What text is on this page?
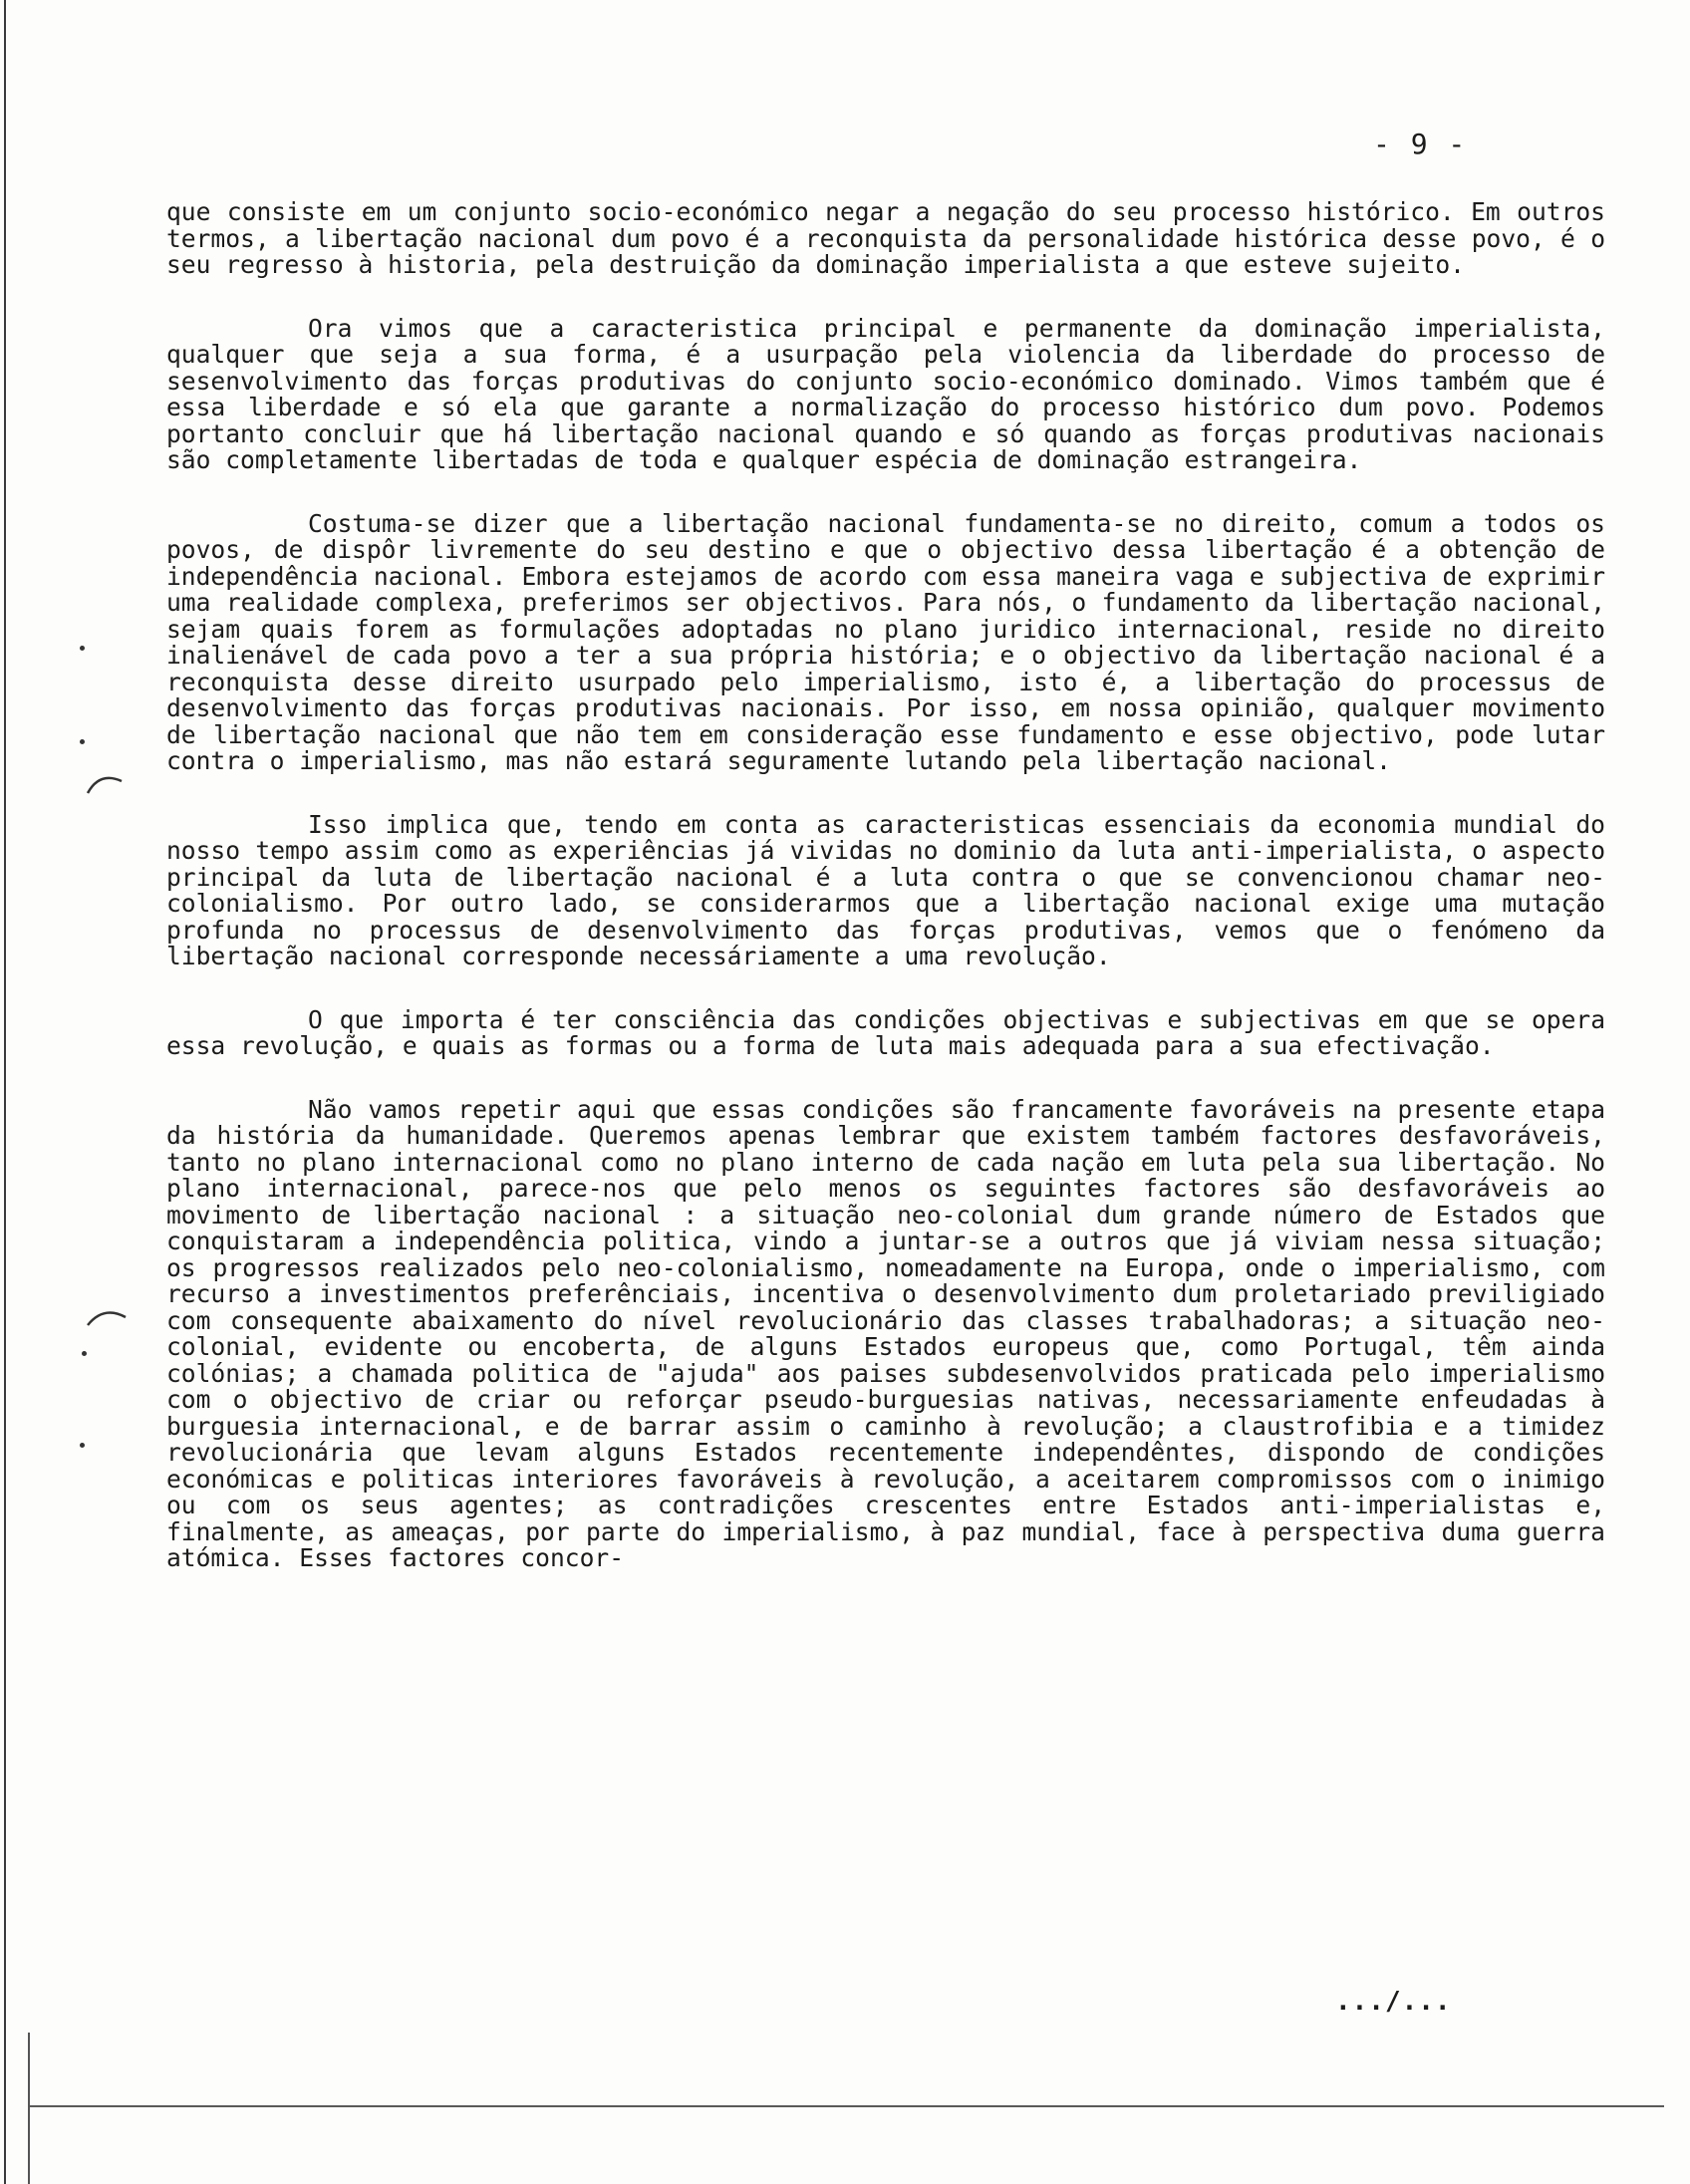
- 9 -

que consiste em um conjunto socio-económico negar a negação do seu processo histórico. Em outros termos, a libertação nacional dum povo é a reconquista da personalidade histórica desse povo, é o seu regresso à historia, pela destruição da dominação imperialista a que esteve sujeito.

Ora vimos que a caracteristica principal e permanente da dominação imperialista, qualquer que seja a sua forma, é a usurpação pela violencia da liberdade do processo de sesenvolvimento das forças produtivas do conjunto socio-económico dominado. Vimos também que é essa liberdade e só ela que garante a normalização do processo histórico dum povo. Podemos portanto concluir que há libertação nacional quando e só quando as forças produtivas nacionais são completamente libertadas de toda e qualquer espécia de dominação estrangeira.

Costuma-se dizer que a libertação nacional fundamenta-se no direito, comum a todos os povos, de dispôr livremente do seu destino e que o objectivo dessa libertação é a obtenção de independência nacional. Embora estejamos de acordo com essa maneira vaga e subjectiva de exprimir uma realidade complexa, preferimos ser objectivos. Para nós, o fundamento da libertação nacional, sejam quais forem as formulações adoptadas no plano juridico internacional, reside no direito inalienável de cada povo a ter a sua própria história; e o objectivo da libertação nacional é a reconquista desse direito usurpado pelo imperialismo, isto é, a libertação do processus de desenvolvimento das forças produtivas nacionais. Por isso, em nossa opinião, qualquer movimento de libertação nacional que não tem em consideração esse fundamento e esse objectivo, pode lutar contra o imperialismo, mas não estará seguramente lutando pela libertação nacional.

Isso implica que, tendo em conta as caracteristicas essenciais da economia mundial do nosso tempo assim como as experiências já vividas no dominio da luta anti-imperialista, o aspecto principal da luta de libertação nacional é a luta contra o que se convencionou chamar neo-colonialismo. Por outro lado, se considerarmos que a libertação nacional exige uma mutação profunda no processus de desenvolvimento das forças produtivas, vemos que o fenómeno da libertação nacional corresponde necessáriamente a uma revolução.

O que importa é ter consciência das condições objectivas e subjectivas em que se opera essa revolução, e quais as formas ou a forma de luta mais adequada para a sua efectivação.

Não vamos repetir aqui que essas condições são francamente favoráveis na presente etapa da história da humanidade. Queremos apenas lembrar que existem também factores desfavoráveis, tanto no plano internacional como no plano interno de cada nação em luta pela sua libertação. No plano internacional, parece-nos que pelo menos os seguintes factores são desfavoráveis ao movimento de libertação nacional : a situação neo-colonial dum grande número de Estados que conquistaram a independência politica, vindo a juntar-se a outros que já viviam nessa situação; os progressos realizados pelo neo-colonialismo, nomeadamente na Europa, onde o imperialismo, com recurso a investimentos preferênciais, incentiva o desenvolvimento dum proletariado previligiado com consequente abaixamento do nível revolucionário das classes trabalhadoras; a situação neo-colonial, evidente ou encoberta, de alguns Estados europeus que, como Portugal, têm ainda colónias; a chamada politica de "ajuda" aos paises subdesenvolvidos praticada pelo imperialismo com o objectivo de criar ou reforçar pseudo-burguesias nativas, necessariamente enfeudadas à burguesia internacional, e de barrar assim o caminho à revolução; a claustrofibia e a timidez revolucionária que levam alguns Estados recentemente independêntes, dispondo de condições económicas e politicas interiores favoráveis à revolução, a aceitarem compromissos com o inimigo ou com os seus agentes; as contradições crescentes entre Estados anti-imperialistas e, finalmente, as ameaças, por parte do imperialismo, à paz mundial, face à perspectiva duma guerra atómica. Esses factores concor-

.../...
